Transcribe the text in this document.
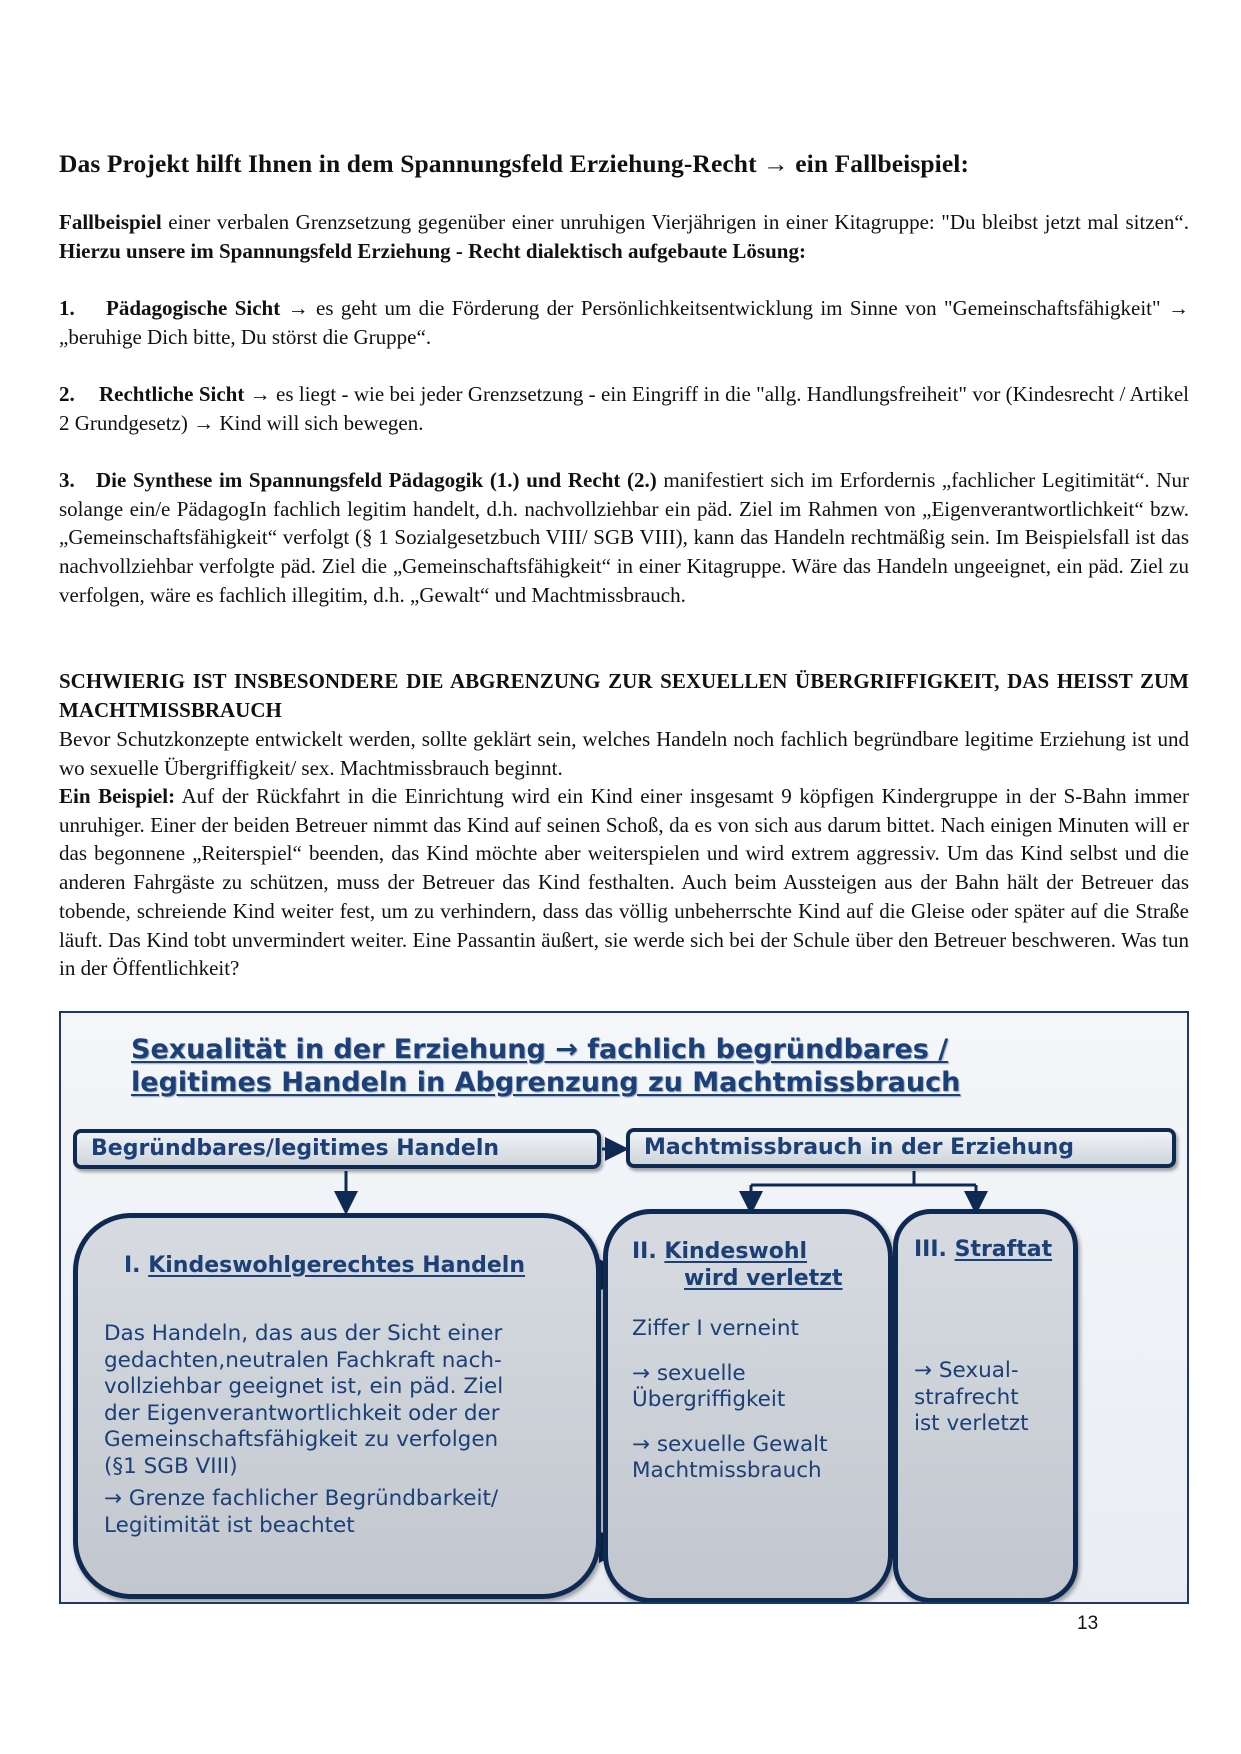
Das Projekt hilft Ihnen in dem Spannungsfeld Erziehung-Recht → ein Fallbeispiel:
Fallbeispiel einer verbalen Grenzsetzung gegenüber einer unruhigen Vierjährigen in einer Kitagruppe: "Du bleibst jetzt mal sitzen“. Hierzu unsere im Spannungsfeld Erziehung - Recht dialektisch aufgebaute Lösung:
1.	Pädagogische Sicht → es geht um die Förderung der Persönlichkeitsentwicklung im Sinne von "Gemeinschaftsfähigkeit" → „beruhige Dich bitte, Du störst die Gruppe“.
2.	Rechtliche Sicht → es liegt - wie bei jeder Grenzsetzung - ein Eingriff in die "allg. Handlungsfreiheit" vor (Kindesrecht / Artikel 2 Grundgesetz) → Kind will sich bewegen.
3.	Die Synthese im Spannungsfeld Pädagogik (1.) und Recht (2.) manifestiert sich im Erfordernis „fachlicher Legitimität“. Nur solange ein/e PädagogIn fachlich legitim handelt, d.h. nachvollziehbar ein päd. Ziel im Rahmen von „Eigenverantwortlichkeit“ bzw. „Gemeinschaftsfähigkeit“ verfolgt (§ 1 Sozialgesetzbuch VIII/ SGB VIII), kann das Handeln rechtmäßig sein. Im Beispielsfall ist das nachvollziehbar verfolgte päd. Ziel die „Gemeinschaftsfähigkeit“ in einer Kitagruppe. Wäre das Handeln ungeeignet, ein päd. Ziel zu verfolgen, wäre es fachlich illegitim, d.h. „Gewalt“ und Machtmissbrauch.
SCHWIERIG IST INSBESONDERE DIE ABGRENZUNG ZUR SEXUELLEN ÜBERGRIFFIGKEIT, DAS HEISST ZUM MACHTMISSBRAUCH
Bevor Schutzkonzepte entwickelt werden, sollte geklärt sein, welches Handeln noch fachlich begründbare legitime Erziehung ist und wo sexuelle Übergriffigkeit/ sex. Machtmissbrauch beginnt.
Ein Beispiel: Auf der Rückfahrt in die Einrichtung wird ein Kind einer insgesamt 9 köpfigen Kindergruppe in der S-Bahn immer unruhiger. Einer der beiden Betreuer nimmt das Kind auf seinen Schoß, da es von sich aus darum bittet. Nach einigen Minuten will er das begonnene „Reiterspiel“ beenden, das Kind möchte aber weiterspielen und wird extrem aggressiv. Um das Kind selbst und die anderen Fahrgäste zu schützen, muss der Betreuer das Kind festhalten. Auch beim Aussteigen aus der Bahn hält der Betreuer das tobende, schreiende Kind weiter fest, um zu verhindern, dass das völlig unbeherrschte Kind auf die Gleise oder später auf die Straße läuft. Das Kind tobt unvermindert weiter. Eine Passantin äußert, sie werde sich bei der Schule über den Betreuer beschweren. Was tun in der Öffentlichkeit?
Sexualität in der Erziehung → fachlich begründbares /
legitimes Handeln in Abgrenzung zu Machtmissbrauch
Begründbares/legitimes Handeln	Machtmissbrauch in der Erziehung
I. Kindeswohlgerechtes Handeln
Das Handeln, das aus der Sicht einer
gedachten,neutralen Fachkraft nach-
vollziehbar geeignet ist, ein päd. Ziel
der Eigenverantwortlichkeit oder der
Gemeinschaftsfähigkeit zu verfolgen
(§1 SGB VIII)
→ Grenze fachlicher Begründbarkeit/
Legitimität ist beachtet
II. Kindeswohl
wird verletzt
Ziffer I verneint
→ sexuelle
Übergriffigkeit
→ sexuelle Gewalt
Machtmissbrauch
III. Straftat
→ Sexual-
strafrecht
ist verletzt
13
